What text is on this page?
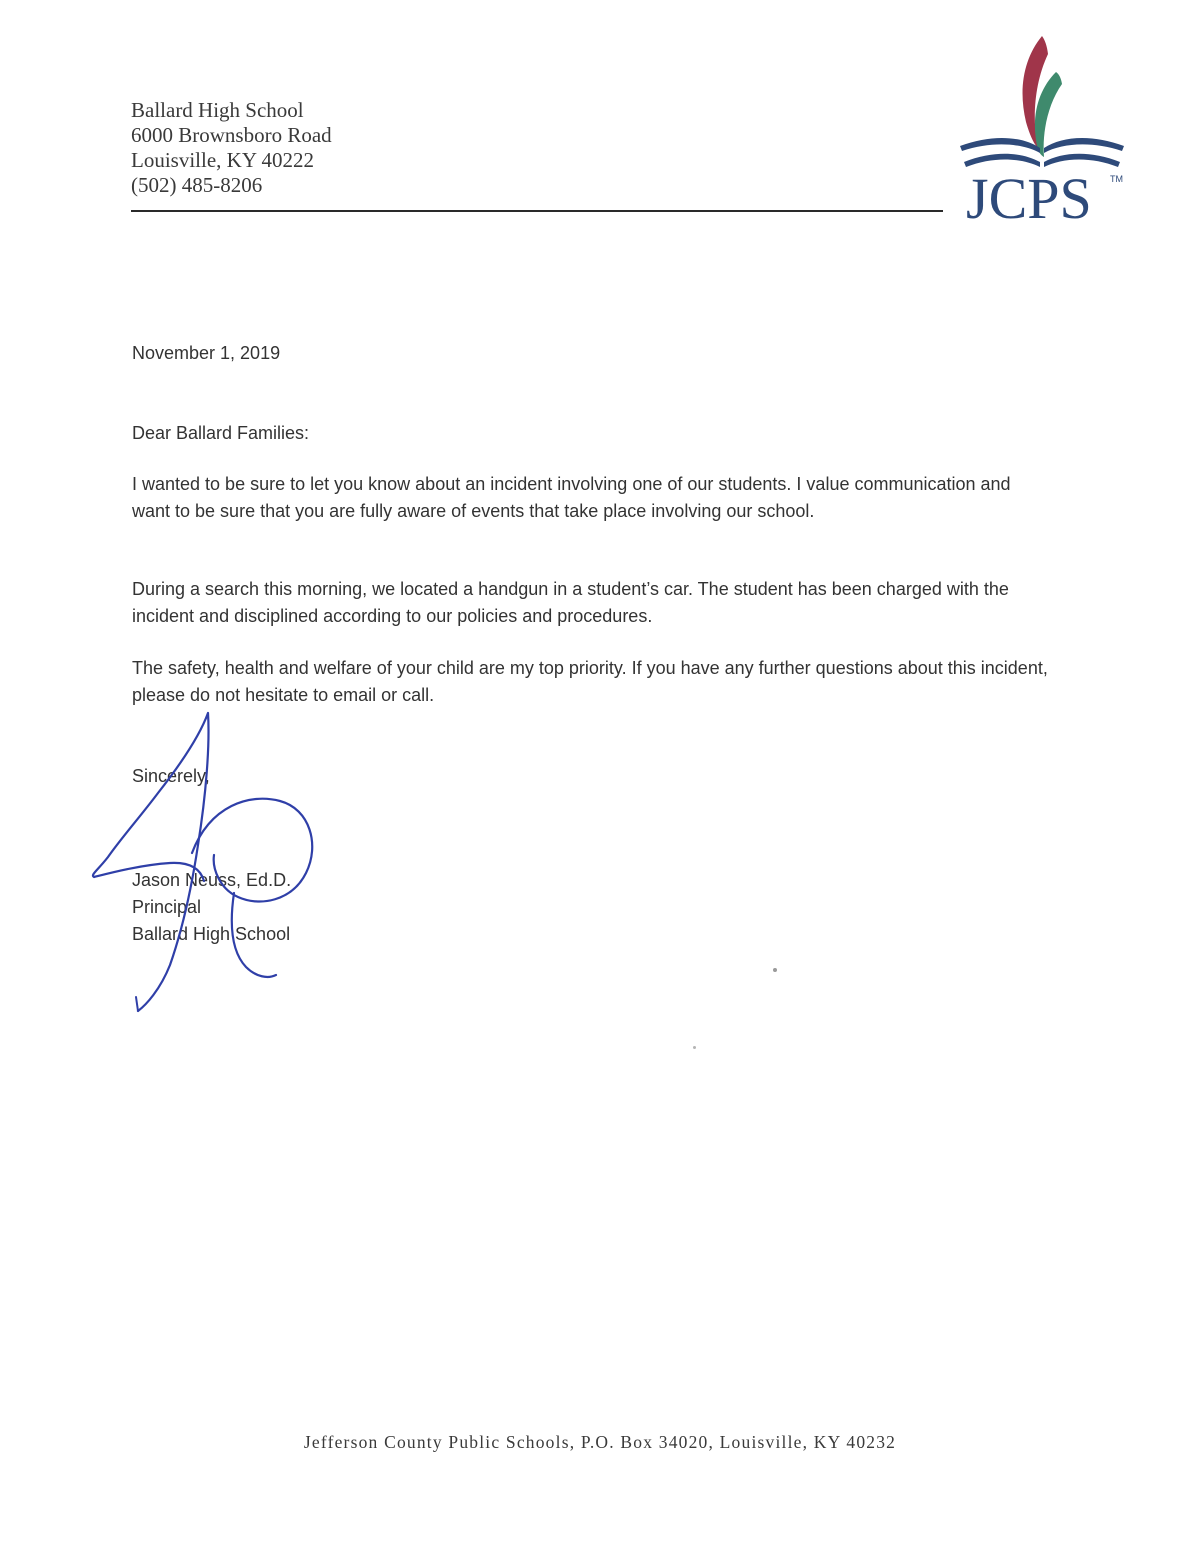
Ballard High School
6000 Brownsboro Road
Louisville, KY 40222
(502) 485-8206	JCPS TM
November 1, 2019
Dear Ballard Families:
I wanted to be sure to let you know about an incident involving one of our students. I value communication and want to be sure that you are fully aware of events that take place involving our school.
During a search this morning, we located a handgun in a student’s car. The student has been charged with the incident and disciplined according to our policies and procedures.
The safety, health and welfare of your child are my top priority. If you have any further questions about this incident, please do not hesitate to email or call.
Sincerely,
Jason Neuss, Ed.D.
Principal
Ballard High School
Jefferson County Public Schools, P.O. Box 34020, Louisville, KY 40232
